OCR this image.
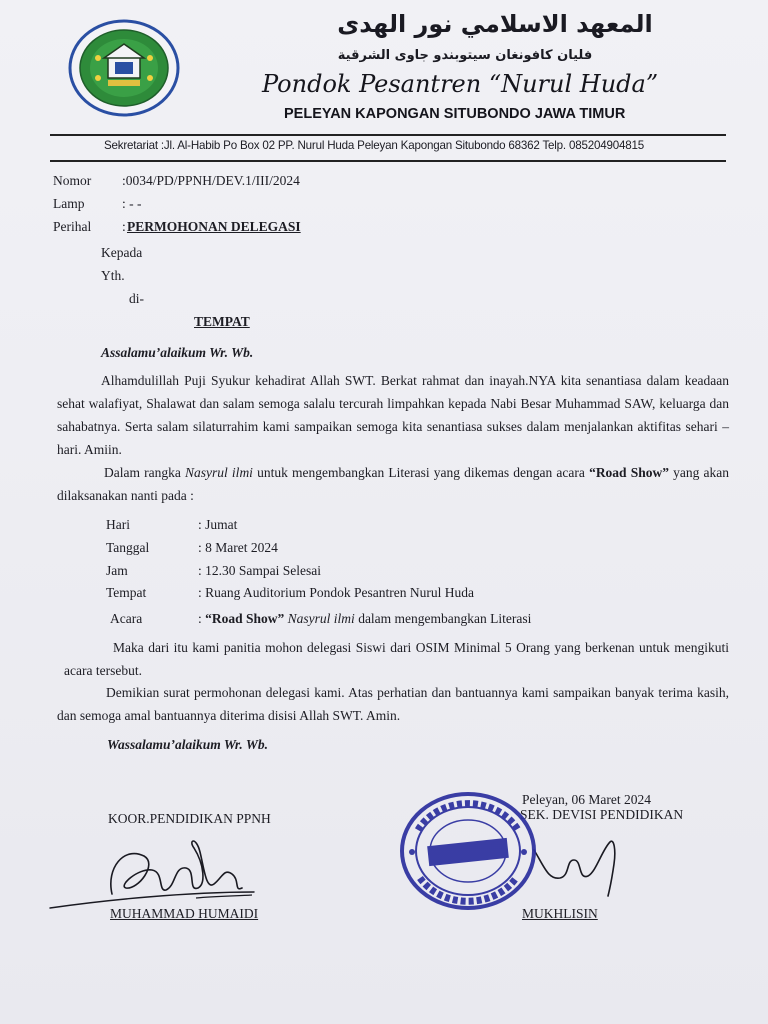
المعهد الاسلامي نور الهدى
فليان كافونغان سيتوبندو جاوى الشرقية
Pondok Pesantren “Nurul Huda”
PELEYAN KAPONGAN SITUBONDO JAWA TIMUR
Sekretariat :Jl. Al-Habib Po Box 02 PP. Nurul Huda Peleyan Kapongan Situbondo 68362 Telp. 085204904815
Nomor :0034/PD/PPNH/DEV.1/III/2024
Lamp	: - -
Perihal : PERMOHONAN DELEGASI
Kepada
Yth.
di-
TEMPAT
Assalamu’alaikum Wr. Wb.
Alhamdulillah Puji Syukur kehadirat Allah SWT. Berkat rahmat dan inayah.NYA kita senantiasa dalam keadaan sehat walafiyat, Shalawat dan salam semoga salalu tercurah limpahkan kepada Nabi Besar Muhammad SAW, keluarga dan sahabatnya. Serta salam silaturrahim kami sampaikan semoga kita senantiasa sukses dalam menjalankan aktifitas sehari – hari. Amiin.
Dalam rangka Nasyrul ilmi untuk mengembangkan Literasi yang dikemas dengan acara “Road Show” yang akan dilaksanakan nanti pada :
Hari	: Jumat
Tanggal	: 8 Maret 2024
Jam	: 12.30 Sampai Selesai
Tempat	: Ruang Auditorium Pondok Pesantren Nurul Huda
Acara	: “Road Show” Nasyrul ilmi dalam mengembangkan Literasi
Maka dari itu kami panitia mohon delegasi Siswi dari OSIM Minimal 5 Orang yang berkenan untuk mengikuti acara tersebut.
Demikian surat permohonan delegasi kami. Atas perhatian dan bantuannya kami sampaikan banyak terima kasih, dan semoga amal bantuannya diterima disisi Allah SWT. Amin.
Wassalamu’alaikum Wr. Wb.
Peleyan, 06 Maret 2024
KOOR.PENDIDIKAN PPNH	SEK. DEVISI PENDIDIKAN
MUHAMMAD HUMAIDI	MUKHLISIN
